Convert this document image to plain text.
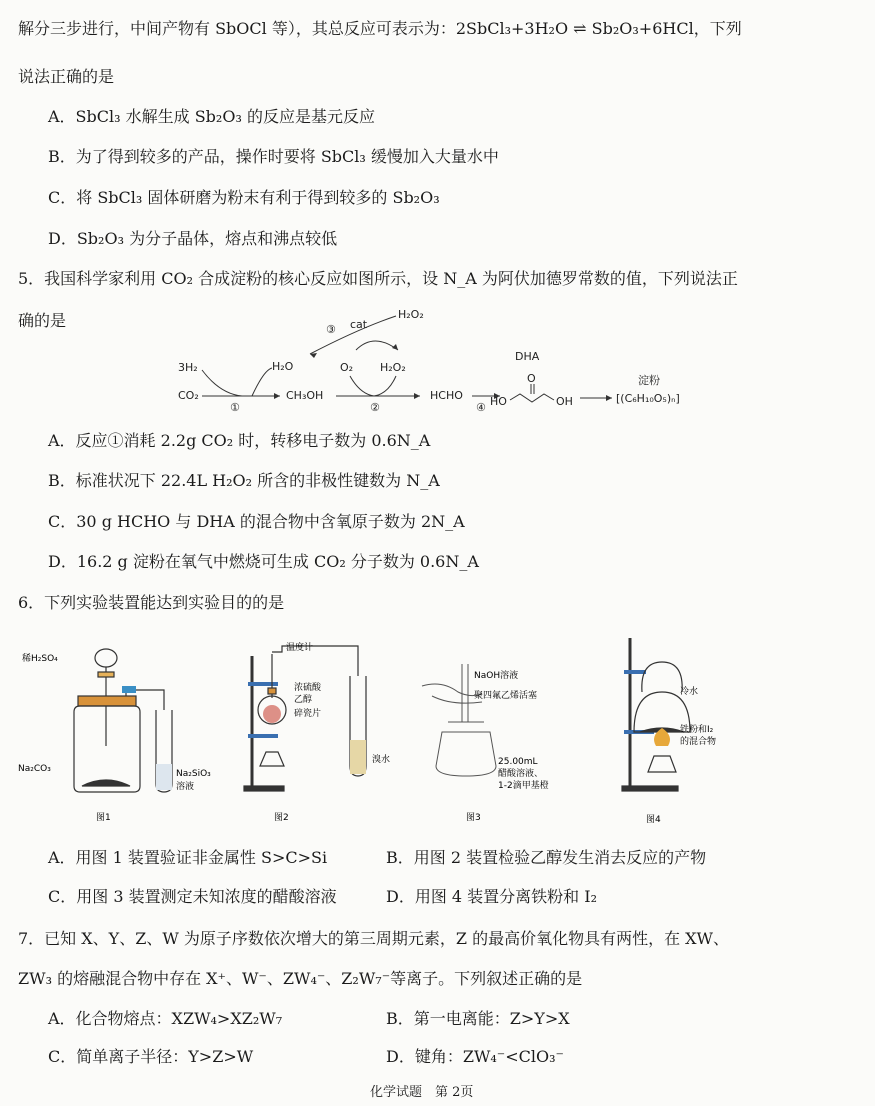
解分三步进行，中间产物有 SbOCl 等），其总反应可表示为：2SbCl₃+3H₂O ⇌ Sb₂O₃+6HCl，下列
说法正确的是
A．SbCl₃ 水解生成 Sb₂O₃ 的反应是基元反应
B．为了得到较多的产品，操作时要将 SbCl₃ 缓慢加入大量水中
C．将 SbCl₃ 固体研磨为粉末有利于得到较多的 Sb₂O₃
D．Sb₂O₃ 为分子晶体，熔点和沸点较低
5．我国科学家利用 CO₂ 合成淀粉的核心反应如图所示，设 N_A 为阿伏加德罗常数的值，下列说法正
确的是
3H₂
CO₂
①
H₂O
CH₃OH
②
O₂ H₂O₂
HCHO
③ cat
H₂O₂
④
DHA
O
HO	OH
淀粉
[(C₆H₁₀O₅)ₙ]
A．反应①消耗 2.2g CO₂ 时，转移电子数为 0.6N_A
B．标准状况下 22.4L H₂O₂ 所含的非极性键数为 N_A
C．30 g HCHO 与 DHA 的混合物中含氧原子数为 2N_A
D．16.2 g 淀粉在氧气中燃烧可生成 CO₂ 分子数为 0.6N_A
6．下列实验装置能达到实验目的的是
稀H₂SO₄
Na₂CO₃	Na₂SiO₃
溶液
图1
温度计
浓硫酸
乙醇
碎瓷片
溴水
图2
NaOH溶液
聚四氟乙烯活塞
25.00mL
醋酸溶液、
1-2滴甲基橙
图3
冷水
铁粉和I₂
的混合物
图4
A．用图 1 装置验证非金属性 S>C>Si	B．用图 2 装置检验乙醇发生消去反应的产物
C．用图 3 装置测定未知浓度的醋酸溶液	D．用图 4 装置分离铁粉和 I₂
7．已知 X、Y、Z、W 为原子序数依次增大的第三周期元素，Z 的最高价氧化物具有两性，在 XW、
ZW₃ 的熔融混合物中存在 X⁺、W⁻、ZW₄⁻、Z₂W₇⁻等离子。下列叙述正确的是
A．化合物熔点：XZW₄>XZ₂W₇	B．第一电离能：Z>Y>X
C．简单离子半径：Y>Z>W	D．键角：ZW₄⁻<ClO₃⁻
化学试题　第 2页
